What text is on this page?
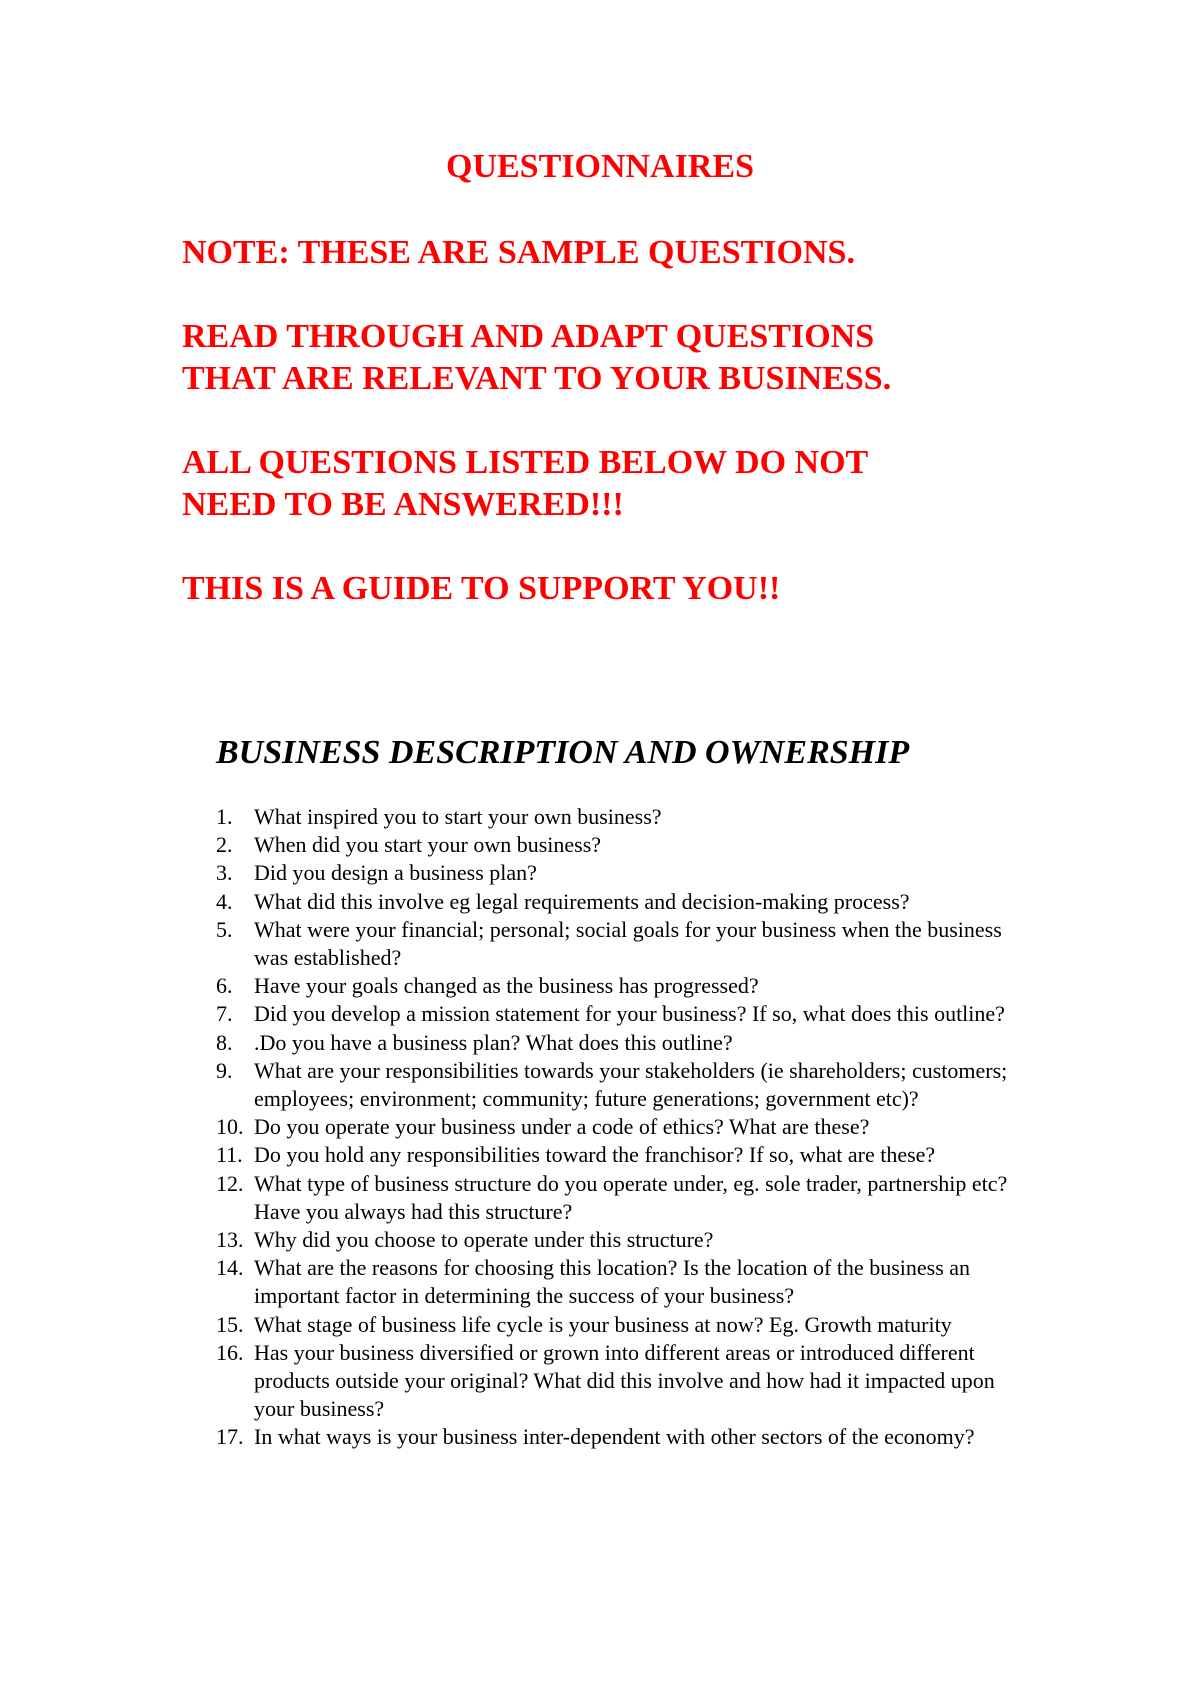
QUESTIONNAIRES
NOTE: THESE ARE SAMPLE QUESTIONS.
READ THROUGH AND ADAPT QUESTIONS
THAT ARE RELEVANT TO YOUR BUSINESS.
ALL QUESTIONS LISTED BELOW DO NOT
NEED TO BE ANSWERED!!!
THIS IS A GUIDE TO SUPPORT YOU!!
BUSINESS DESCRIPTION AND OWNERSHIP
1. What inspired you to start your own business?
2. When did you start your own business?
3. Did you design a business plan?
4. What did this involve eg legal requirements and decision-making process?
5. What were your financial; personal; social goals for your business when the business was established?
6. Have your goals changed as the business has progressed?
7. Did you develop a mission statement for your business? If so, what does this outline?
8. .Do you have a business plan? What does this outline?
9. What are your responsibilities towards your stakeholders (ie shareholders; customers; employees; environment; community; future generations; government etc)?
10. Do you operate your business under a code of ethics? What are these?
11. Do you hold any responsibilities toward the franchisor? If so, what are these?
12. What type of business structure do you operate under, eg. sole trader, partnership etc? Have you always had this structure?
13. Why did you choose to operate under this structure?
14. What are the reasons for choosing this location? Is the location of the business an important factor in determining the success of your business?
15. What stage of business life cycle is your business at now? Eg. Growth maturity
16. Has your business diversified or grown into different areas or introduced different products outside your original? What did this involve and how had it impacted upon your business?
17. In what ways is your business inter-dependent with other sectors of the economy?
